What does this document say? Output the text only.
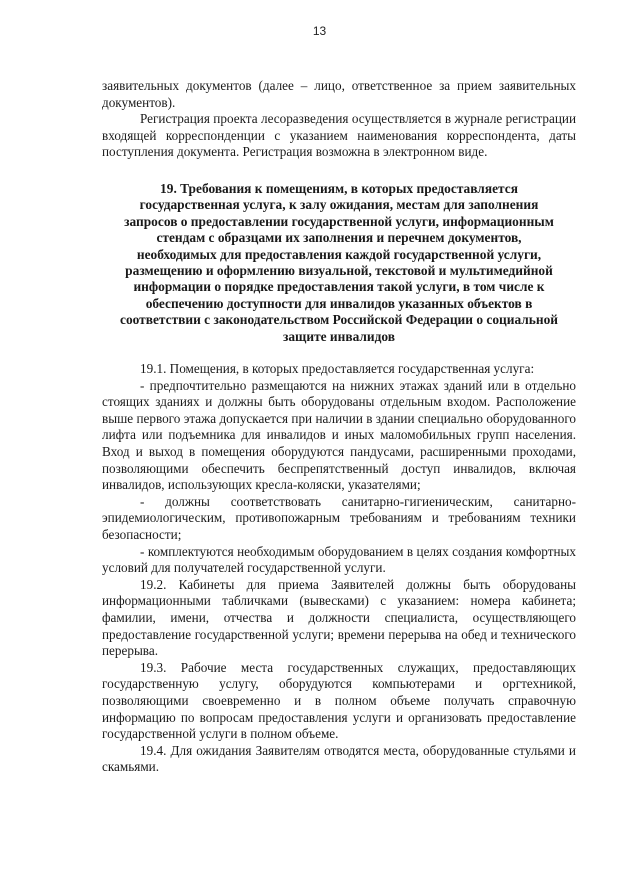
13

заявительных документов (далее – лицо, ответственное за прием заявительных документов).

Регистрация проекта лесоразведения осуществляется в журнале регистрации входящей корреспонденции с указанием наименования корреспондента, даты поступления документа. Регистрация возможна в электронном виде.

19. Требования к помещениям, в которых предоставляется
государственная услуга, к залу ожидания, местам для заполнения
запросов о предоставлении государственной услуги, информационным
стендам с образцами их заполнения и перечнем документов,
необходимых для предоставления каждой государственной услуги,
размещению и оформлению визуальной, текстовой и мультимедийной
информации о порядке предоставления такой услуги, в том числе к
обеспечению доступности для инвалидов указанных объектов в
соответствии с законодательством Российской Федерации о социальной
защите инвалидов

19.1. Помещения, в которых предоставляется государственная услуга:

- предпочтительно размещаются на нижних этажах зданий или в отдельно стоящих зданиях и должны быть оборудованы отдельным входом. Расположение выше первого этажа допускается при наличии в здании специально оборудованного лифта или подъемника для инвалидов и иных маломобильных групп населения. Вход и выход в помещения оборудуются пандусами, расширенными проходами, позволяющими обеспечить беспрепятственный доступ инвалидов, включая инвалидов, использующих кресла-коляски, указателями;

- должны соответствовать санитарно-гигиеническим, санитарно-эпидемиологическим, противопожарным требованиям и требованиям техники безопасности;

- комплектуются необходимым оборудованием в целях создания комфортных условий для получателей государственной услуги.

19.2. Кабинеты для приема Заявителей должны быть оборудованы информационными табличками (вывесками) с указанием: номера кабинета; фамилии, имени, отчества и должности специалиста, осуществляющего предоставление государственной услуги; времени перерыва на обед и технического перерыва.

19.3. Рабочие места государственных служащих, предоставляющих государственную услугу, оборудуются компьютерами и оргтехникой, позволяющими своевременно и в полном объеме получать справочную информацию по вопросам предоставления услуги и организовать предоставление государственной услуги в полном объеме.

19.4. Для ожидания Заявителям отводятся места, оборудованные стульями и скамьями.
